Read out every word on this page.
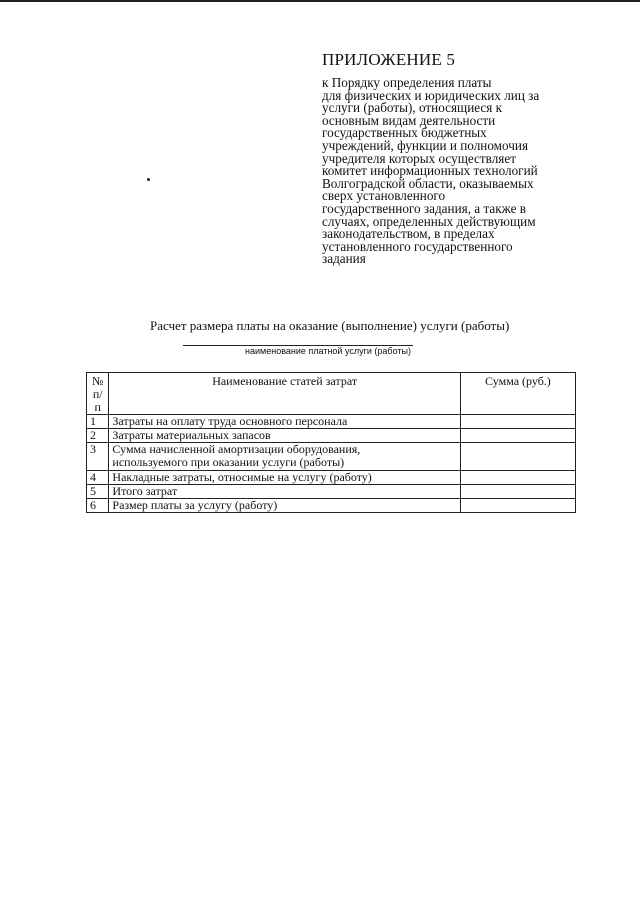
ПРИЛОЖЕНИЕ 5
к Порядку определения платы
для физических и юридических лиц за
услуги (работы), относящиеся к
основным видам деятельности
государственных бюджетных
учреждений, функции и полномочия
учредителя которых осуществляет
комитет информационных технологий
Волгоградской области, оказываемых
сверх установленного
государственного задания, а также в
случаях, определенных действующим
законодательством, в пределах
установленного государственного
задания
Расчет размера платы на оказание (выполнение) услуги (работы)
наименование платной услуги (работы)
№
п/п	Наименование статей затрат	Сумма (руб.)
1	Затраты на оплату труда основного персонала	
2	Затраты материальных запасов	
3	Сумма начисленной амортизации оборудования,
используемого при оказании услуги (работы)	
4	Накладные затраты, относимые на услугу (работу)	
5	Итого затрат	
6	Размер платы за услугу (работу)	
